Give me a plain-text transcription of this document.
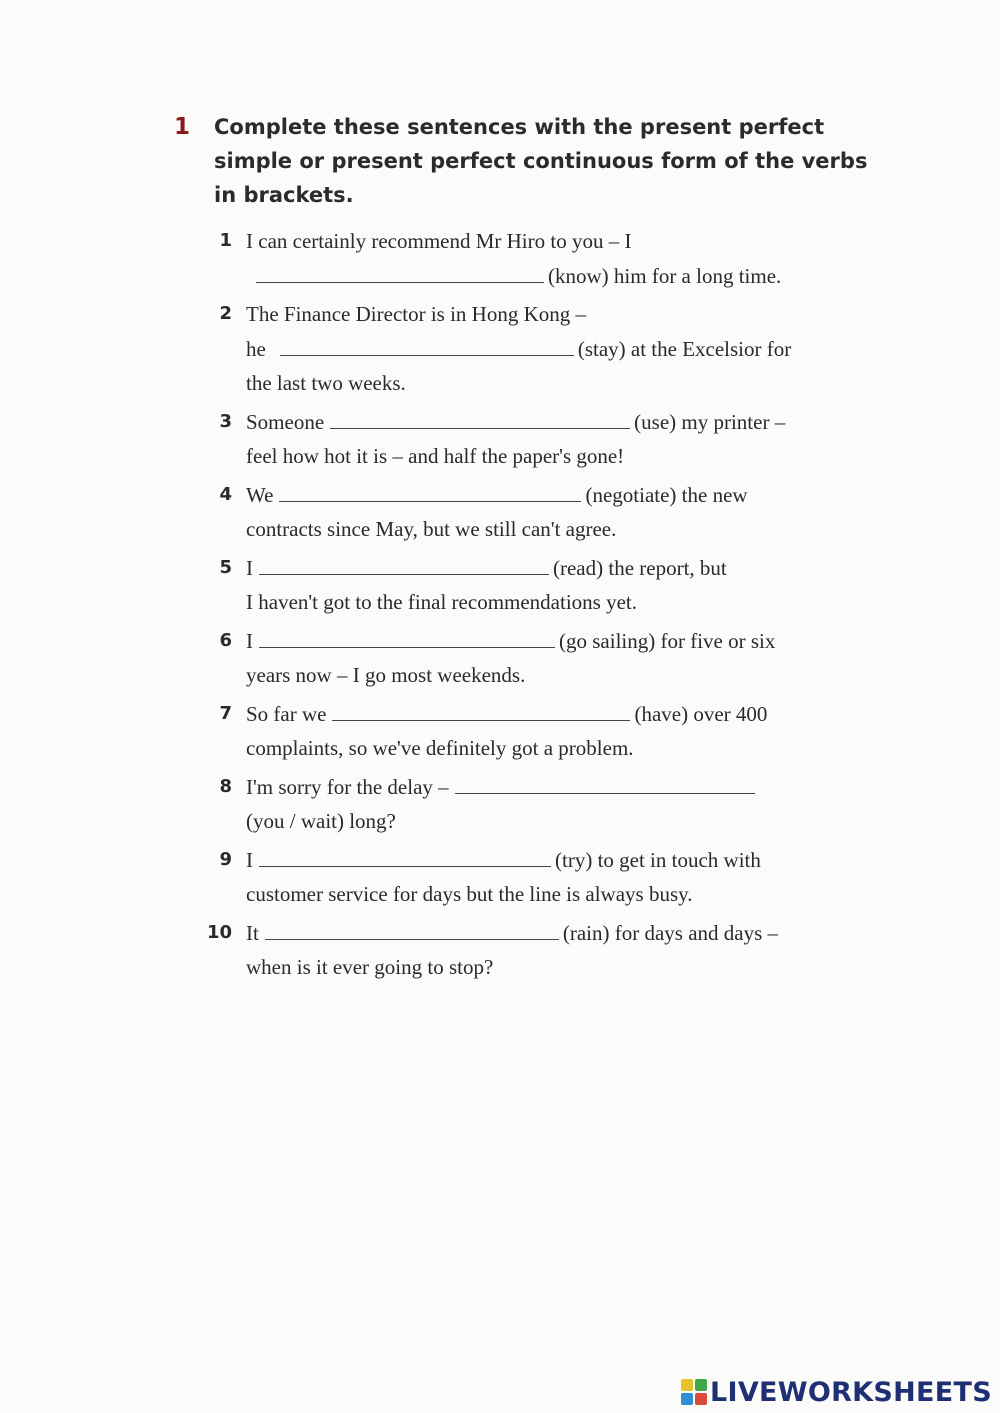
1 Complete these sentences with the present perfect
simple or present perfect continuous form of the verbs
in brackets.
1 I can certainly recommend Mr Hiro to you – I
(know) him for a long time.
2 The Finance Director is in Hong Kong –
he	(stay) at the Excelsior for
the last two weeks.
3 Someone	(use) my printer –
feel how hot it is – and half the paper's gone!
4 We	(negotiate) the new
contracts since May, but we still can't agree.
5 I	(read) the report, but
I haven't got to the final recommendations yet.
6 I	(go sailing) for five or six
years now – I go most weekends.
7 So far we	(have) over 400
complaints, so we've definitely got a problem.
8 I'm sorry for the delay –
(you / wait) long?
9 I	(try) to get in touch with
customer service for days but the line is always busy.
10 It	(rain) for days and days –
when is it ever going to stop?
LIVEWORKSHEETS
